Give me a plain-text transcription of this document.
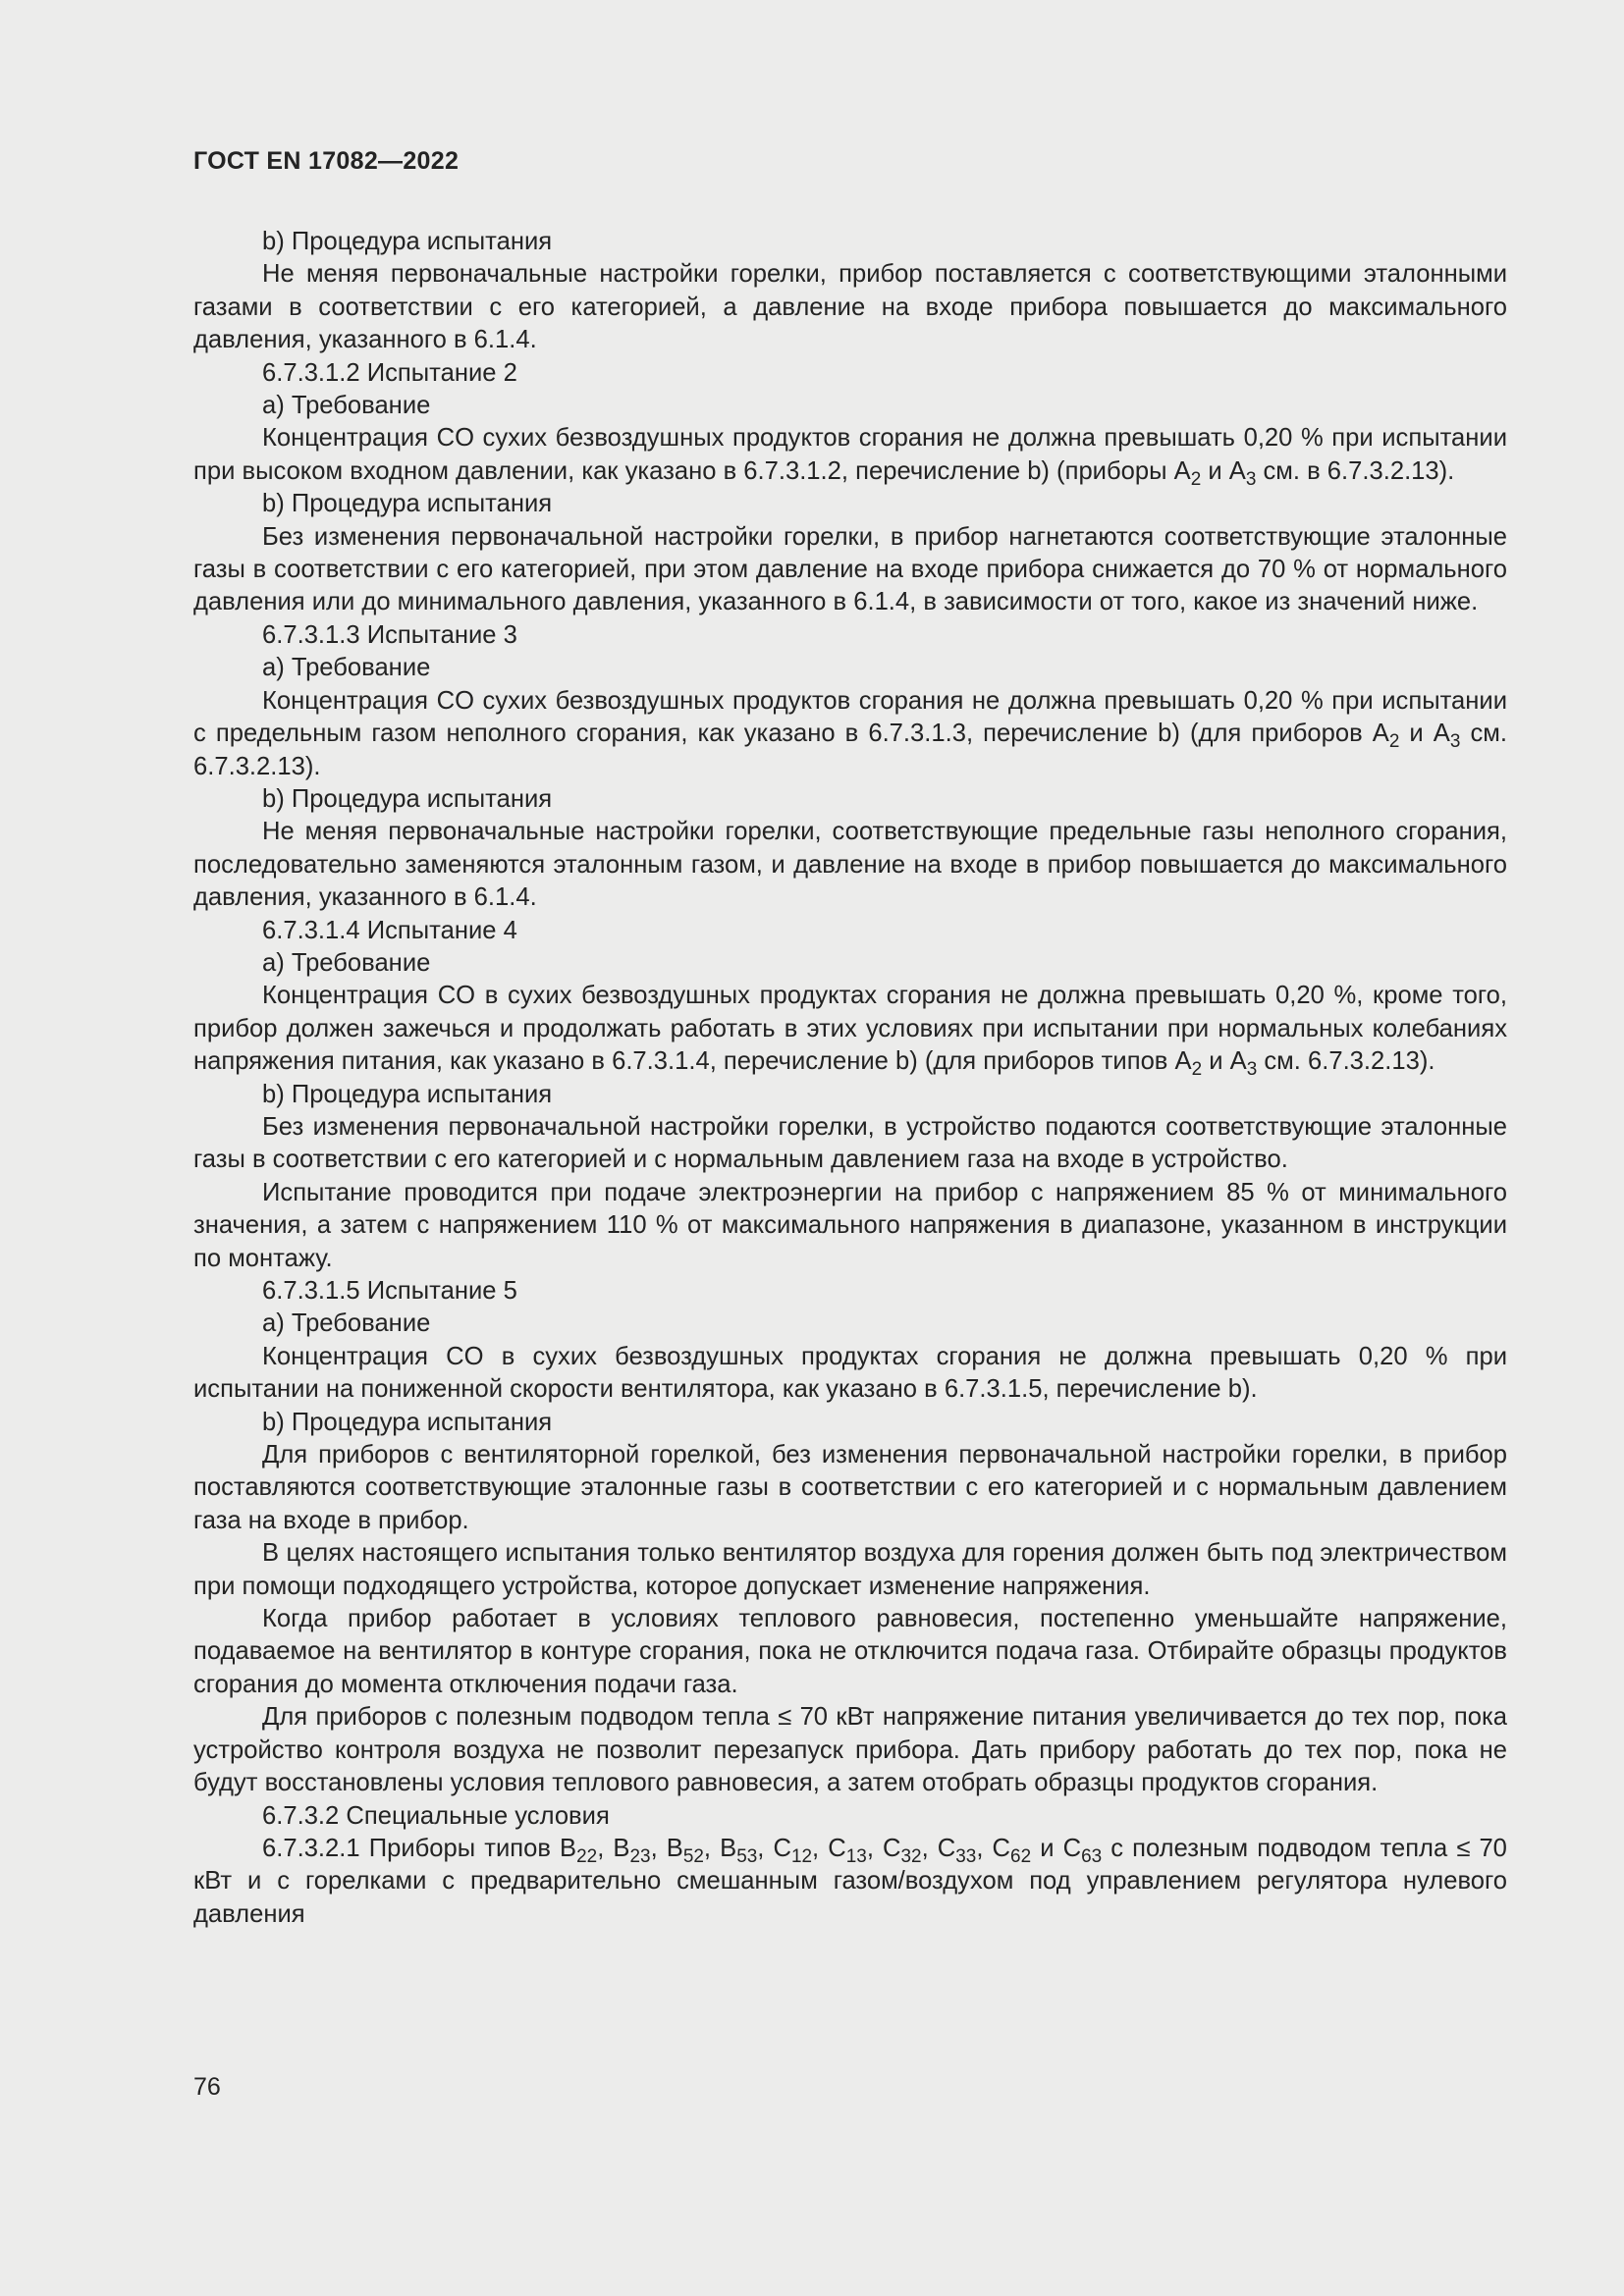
ГОСТ EN 17082—2022

b) Процедура испытания

Не меняя первоначальные настройки горелки, прибор поставляется с соответствующими эталонными газами в соответствии с его категорией, а давление на входе прибора повышается до максимального давления, указанного в 6.1.4.

6.7.3.1.2 Испытание 2

а) Требование

Концентрация CO сухих безвоздушных продуктов сгорания не должна превышать 0,20 % при испытании при высоком входном давлении, как указано в 6.7.3.1.2, перечисление b) (приборы $A_2$ и $A_3$ см. в 6.7.3.2.13).

b) Процедура испытания

Без изменения первоначальной настройки горелки, в прибор нагнетаются соответствующие эталонные газы в соответствии с его категорией, при этом давление на входе прибора снижается до 70 % от нормального давления или до минимального давления, указанного в 6.1.4, в зависимости от того, какое из значений ниже.

6.7.3.1.3 Испытание 3

а) Требование

Концентрация CO сухих безвоздушных продуктов сгорания не должна превышать 0,20 % при испытании с предельным газом неполного сгорания, как указано в 6.7.3.1.3, перечисление b) (для приборов $A_2$ и $A_3$ см. 6.7.3.2.13).

b) Процедура испытания

Не меняя первоначальные настройки горелки, соответствующие предельные газы неполного сгорания, последовательно заменяются эталонным газом, и давление на входе в прибор повышается до максимального давления, указанного в 6.1.4.

6.7.3.1.4 Испытание 4

а) Требование

Концентрация CO в сухих безвоздушных продуктах сгорания не должна превышать 0,20 %, кроме того, прибор должен зажечься и продолжать работать в этих условиях при испытании при нормальных колебаниях напряжения питания, как указано в 6.7.3.1.4, перечисление b) (для приборов типов $A_2$ и $A_3$ см. 6.7.3.2.13).

b) Процедура испытания

Без изменения первоначальной настройки горелки, в устройство подаются соответствующие эталонные газы в соответствии с его категорией и с нормальным давлением газа на входе в устройство.

Испытание проводится при подаче электроэнергии на прибор с напряжением 85 % от минимального значения, а затем с напряжением 110 % от максимального напряжения в диапазоне, указанном в инструкции по монтажу.

6.7.3.1.5 Испытание 5

а) Требование

Концентрация CO в сухих безвоздушных продуктах сгорания не должна превышать 0,20 % при испытании на пониженной скорости вентилятора, как указано в 6.7.3.1.5, перечисление b).

b) Процедура испытания

Для приборов с вентиляторной горелкой, без изменения первоначальной настройки горелки, в прибор поставляются соответствующие эталонные газы в соответствии с его категорией и с нормальным давлением газа на входе в прибор.

В целях настоящего испытания только вентилятор воздуха для горения должен быть под электричеством при помощи подходящего устройства, которое допускает изменение напряжения.

Когда прибор работает в условиях теплового равновесия, постепенно уменьшайте напряжение, подаваемое на вентилятор в контуре сгорания, пока не отключится подача газа. Отбирайте образцы продуктов сгорания до момента отключения подачи газа.

Для приборов с полезным подводом тепла ≤ 70 кВт напряжение питания увеличивается до тех пор, пока устройство контроля воздуха не позволит перезапуск прибора. Дать прибору работать до тех пор, пока не будут восстановлены условия теплового равновесия, а затем отобрать образцы продуктов сгорания.

6.7.3.2 Специальные условия

6.7.3.2.1 Приборы типов $B_{22}$, $B_{23}$, $B_{52}$, $B_{53}$, $C_{12}$, $C_{13}$, $C_{32}$, $C_{33}$, $C_{62}$ и $C_{63}$ с полезным подводом тепла ≤ 70 кВт и с горелками с предварительно смешанным газом/воздухом под управлением регулятора нулевого давления

76
